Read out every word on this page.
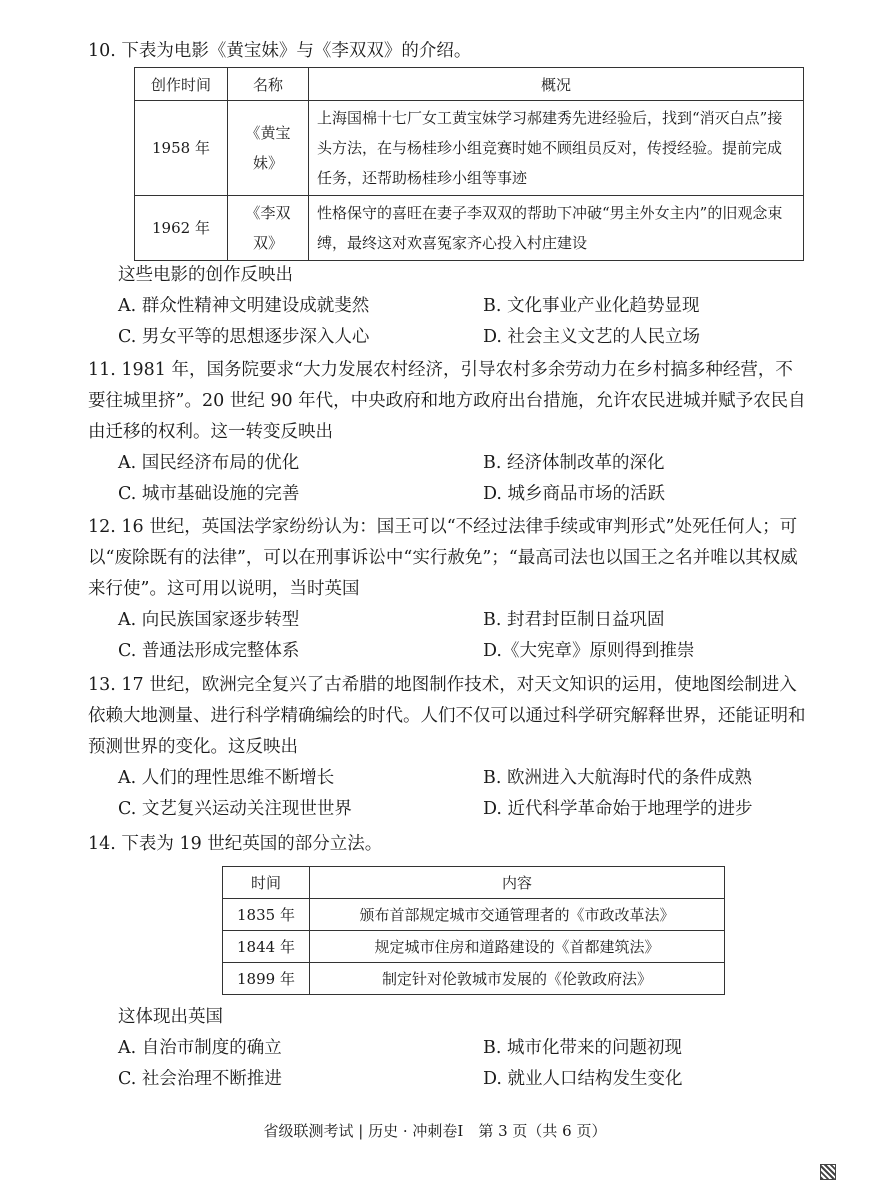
10. 下表为电影《黄宝妹》与《李双双》的介绍。

创作时间	名称	概况
1958 年	《黄宝妹》	上海国棉十七厂女工黄宝妹学习郝建秀先进经验后，找到“消灭白点”接头方法，在与杨桂珍小组竞赛时她不顾组员反对，传授经验。提前完成任务，还帮助杨桂珍小组等事迹
1962 年	《李双双》	性格保守的喜旺在妻子李双双的帮助下冲破“男主外女主内”的旧观念束缚，最终这对欢喜冤家齐心投入村庄建设

这些电影的创作反映出

A. 群众性精神文明建设成就斐然	B. 文化事业产业化趋势显现

C. 男女平等的思想逐步深入人心	D. 社会主义文艺的人民立场

11. 1981 年，国务院要求“大力发展农村经济，引导农村多余劳动力在乡村搞多种经营，不要往城里挤”。20 世纪 90 年代，中央政府和地方政府出台措施，允许农民进城并赋予农民自由迁移的权利。这一转变反映出

A. 国民经济布局的优化	B. 经济体制改革的深化

C. 城市基础设施的完善	D. 城乡商品市场的活跃

12. 16 世纪，英国法学家纷纷认为：国王可以“不经过法律手续或审判形式”处死任何人；可以“废除既有的法律”，可以在刑事诉讼中“实行赦免”；“最高司法也以国王之名并唯以其权威来行使”。这可用以说明，当时英国

A. 向民族国家逐步转型	B. 封君封臣制日益巩固

C. 普通法形成完整体系	D.《大宪章》原则得到推崇

13. 17 世纪，欧洲完全复兴了古希腊的地图制作技术，对天文知识的运用，使地图绘制进入依赖大地测量、进行科学精确编绘的时代。人们不仅可以通过科学研究解释世界，还能证明和预测世界的变化。这反映出

A. 人们的理性思维不断增长	B. 欧洲进入大航海时代的条件成熟

C. 文艺复兴运动关注现世世界	D. 近代科学革命始于地理学的进步

14. 下表为 19 世纪英国的部分立法。

时间	内容
1835 年	颁布首部规定城市交通管理者的《市政改革法》
1844 年	规定城市住房和道路建设的《首都建筑法》
1899 年	制定针对伦敦城市发展的《伦敦政府法》

这体现出英国

A. 自治市制度的确立	B. 城市化带来的问题初现

C. 社会治理不断推进	D. 就业人口结构发生变化

省级联测考试 | 历史 · 冲刺卷Ⅰ　第 3 页（共 6 页）
